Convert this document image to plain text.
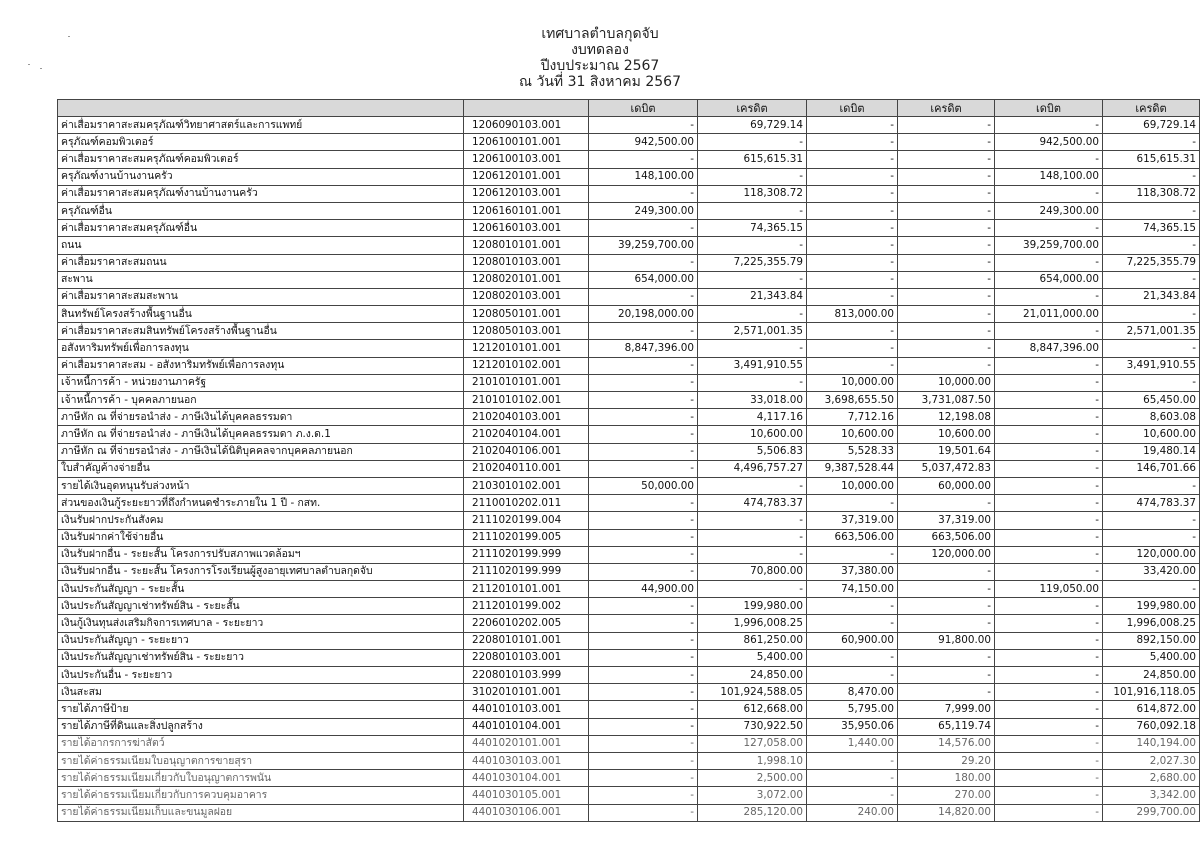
เทศบาลตำบลกุดจับ
งบทดลอง
ปีงบประมาณ 2567
ณ วันที่ 31 สิงหาคม 2567
		เดบิต	เครดิต	เดบิต	เครดิต	เดบิต	เครดิต
ค่าเสื่อมราคาสะสมครุภัณฑ์วิทยาศาสตร์และการแพทย์	1206090103.001	-	69,729.14	-	-	-	69,729.14
ครุภัณฑ์คอมพิวเตอร์	1206100101.001	942,500.00	-	-	-	942,500.00	-
ค่าเสื่อมราคาสะสมครุภัณฑ์คอมพิวเตอร์	1206100103.001	-	615,615.31	-	-	-	615,615.31
ครุภัณฑ์งานบ้านงานครัว	1206120101.001	148,100.00	-	-	-	148,100.00	-
ค่าเสื่อมราคาสะสมครุภัณฑ์งานบ้านงานครัว	1206120103.001	-	118,308.72	-	-	-	118,308.72
ครุภัณฑ์อื่น	1206160101.001	249,300.00	-	-	-	249,300.00	-
ค่าเสื่อมราคาสะสมครุภัณฑ์อื่น	1206160103.001	-	74,365.15	-	-	-	74,365.15
ถนน	1208010101.001	39,259,700.00	-	-	-	39,259,700.00	-
ค่าเสื่อมราคาสะสมถนน	1208010103.001	-	7,225,355.79	-	-	-	7,225,355.79
สะพาน	1208020101.001	654,000.00	-	-	-	654,000.00	-
ค่าเสื่อมราคาสะสมสะพาน	1208020103.001	-	21,343.84	-	-	-	21,343.84
สินทรัพย์โครงสร้างพื้นฐานอื่น	1208050101.001	20,198,000.00	-	813,000.00	-	21,011,000.00	-
ค่าเสื่อมราคาสะสมสินทรัพย์โครงสร้างพื้นฐานอื่น	1208050103.001	-	2,571,001.35	-	-	-	2,571,001.35
อสังหาริมทรัพย์เพื่อการลงทุน	1212010101.001	8,847,396.00	-	-	-	8,847,396.00	-
ค่าเสื่อมราคาสะสม - อสังหาริมทรัพย์เพื่อการลงทุน	1212010102.001	-	3,491,910.55	-	-	-	3,491,910.55
เจ้าหนี้การค้า - หน่วยงานภาครัฐ	2101010101.001	-	-	10,000.00	10,000.00	-	-
เจ้าหนี้การค้า - บุคคลภายนอก	2101010102.001	-	33,018.00	3,698,655.50	3,731,087.50	-	65,450.00
ภาษีหัก ณ ที่จ่ายรอนำส่ง - ภาษีเงินได้บุคคลธรรมดา	2102040103.001	-	4,117.16	7,712.16	12,198.08	-	8,603.08
ภาษีหัก ณ ที่จ่ายรอนำส่ง - ภาษีเงินได้บุคคลธรรมดา ภ.ง.ด.1	2102040104.001	-	10,600.00	10,600.00	10,600.00	-	10,600.00
ภาษีหัก ณ ที่จ่ายรอนำส่ง - ภาษีเงินได้นิติบุคคลจากบุคคลภายนอก	2102040106.001	-	5,506.83	5,528.33	19,501.64	-	19,480.14
ใบสำคัญค้างจ่ายอื่น	2102040110.001	-	4,496,757.27	9,387,528.44	5,037,472.83	-	146,701.66
รายได้เงินอุดหนุนรับล่วงหน้า	2103010102.001	50,000.00	-	10,000.00	60,000.00	-	-
ส่วนของเงินกู้ระยะยาวที่ถึงกำหนดชำระภายใน 1 ปี - กสท.	2110010202.011	-	474,783.37	-	-	-	474,783.37
เงินรับฝากประกันสังคม	2111020199.004	-	-	37,319.00	37,319.00	-	-
เงินรับฝากค่าใช้จ่ายอื่น	2111020199.005	-	-	663,506.00	663,506.00	-	-
เงินรับฝากอื่น - ระยะสั้น โครงการปรับสภาพแวดล้อมฯ	2111020199.999	-	-	-	120,000.00	-	120,000.00
เงินรับฝากอื่น - ระยะสั้น โครงการโรงเรียนผู้สูงอายุเทศบาลตำบลกุดจับ	2111020199.999	-	70,800.00	37,380.00	-	-	33,420.00
เงินประกันสัญญา - ระยะสั้น	2112010101.001	44,900.00	-	74,150.00	-	119,050.00	-
เงินประกันสัญญาเช่าทรัพย์สิน - ระยะสั้น	2112010199.002	-	199,980.00	-	-	-	199,980.00
เงินกู้เงินทุนส่งเสริมกิจการเทศบาล - ระยะยาว	2206010202.005	-	1,996,008.25	-	-	-	1,996,008.25
เงินประกันสัญญา - ระยะยาว	2208010101.001	-	861,250.00	60,900.00	91,800.00	-	892,150.00
เงินประกันสัญญาเช่าทรัพย์สิน - ระยะยาว	2208010103.001	-	5,400.00	-	-	-	5,400.00
เงินประกันอื่น - ระยะยาว	2208010103.999	-	24,850.00	-	-	-	24,850.00
เงินสะสม	3102010101.001	-	101,924,588.05	8,470.00	-	-	101,916,118.05
รายได้ภาษีป้าย	4401010103.001	-	612,668.00	5,795.00	7,999.00	-	614,872.00
รายได้ภาษีที่ดินและสิ่งปลูกสร้าง	4401010104.001	-	730,922.50	35,950.06	65,119.74	-	760,092.18
รายได้อากรการฆ่าสัตว์	4401020101.001	-	127,058.00	1,440.00	14,576.00	-	140,194.00
รายได้ค่าธรรมเนียมใบอนุญาตการขายสุรา	4401030103.001	-	1,998.10	-	29.20	-	2,027.30
รายได้ค่าธรรมเนียมเกี่ยวกับใบอนุญาตการพนัน	4401030104.001	-	2,500.00	-	180.00	-	2,680.00
รายได้ค่าธรรมเนียมเกี่ยวกับการควบคุมอาคาร	4401030105.001	-	3,072.00	-	270.00	-	3,342.00
รายได้ค่าธรรมเนียมเก็บและขนมูลฝอย	4401030106.001	-	285,120.00	240.00	14,820.00	-	299,700.00
